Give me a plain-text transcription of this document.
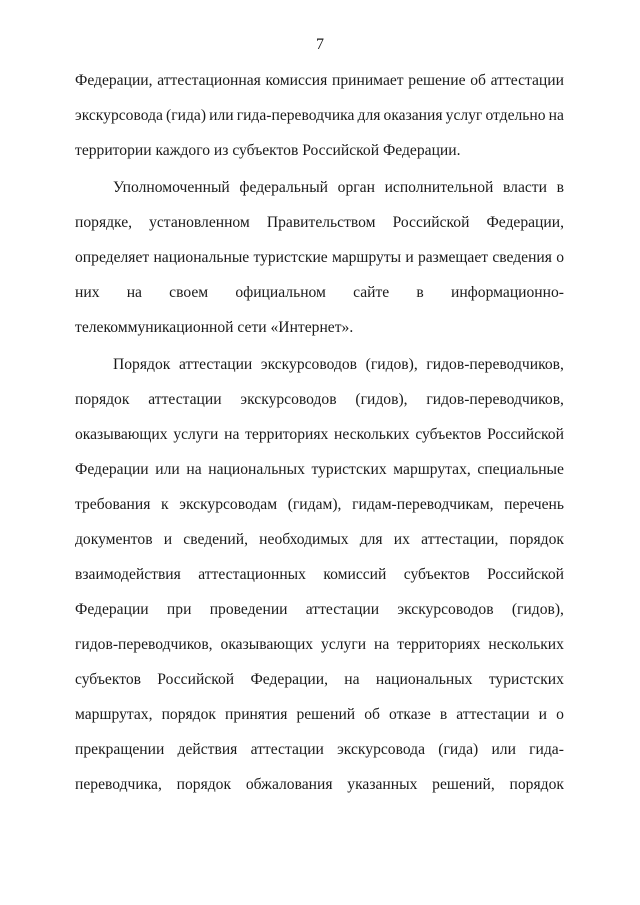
7
Федерации, аттестационная комиссия принимает решение об аттестации
экскурсовода (гида) или гида-переводчика для оказания услуг отдельно на
территории каждого из субъектов Российской Федерации.
Уполномоченный федеральный орган исполнительной власти в
порядке, установленном Правительством Российской Федерации,
определяет национальные туристские маршруты и размещает сведения о
них на своем официальном сайте в информационно-
телекоммуникационной сети «Интернет».
Порядок аттестации экскурсоводов (гидов), гидов-переводчиков,
порядок аттестации экскурсоводов (гидов), гидов-переводчиков,
оказывающих услуги на территориях нескольких субъектов Российской
Федерации или на национальных туристских маршрутах, специальные
требования к экскурсоводам (гидам), гидам-переводчикам, перечень
документов и сведений, необходимых для их аттестации, порядок
взаимодействия аттестационных комиссий субъектов Российской
Федерации при проведении аттестации экскурсоводов (гидов),
гидов-переводчиков, оказывающих услуги на территориях нескольких
субъектов Российской Федерации, на национальных туристских
маршрутах, порядок принятия решений об отказе в аттестации и о
прекращении действия аттестации экскурсовода (гида) или гида-
переводчика, порядок обжалования указанных решений, порядок
